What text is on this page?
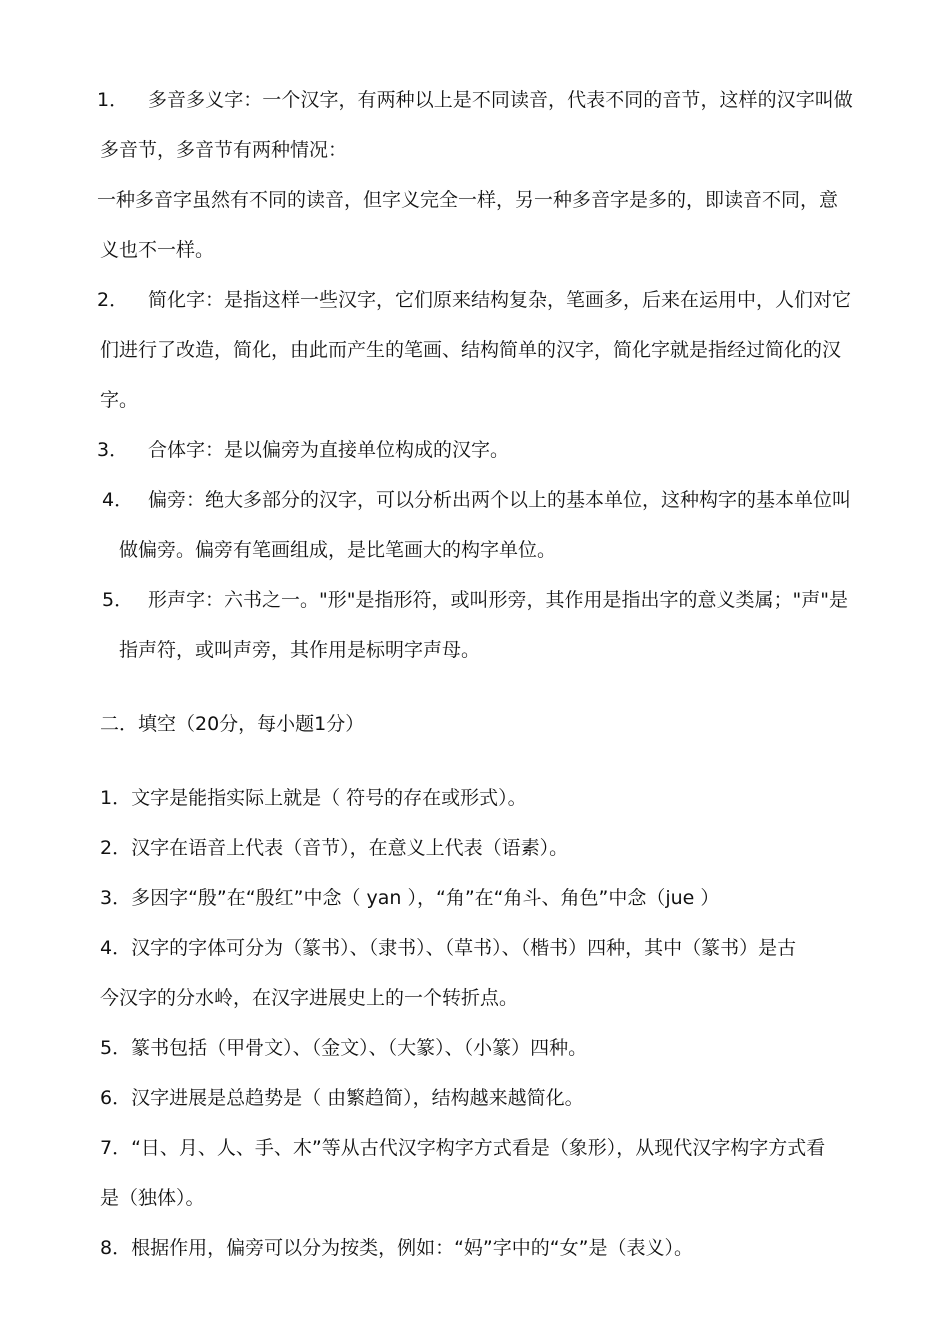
1． 多音多义字：一个汉字，有两种以上是不同读音，代表不同的音节，这样的汉字叫做
多音节，多音节有两种情况：
一种多音字虽然有不同的读音，但字义完全一样，另一种多音字是多的，即读音不同，意
义也不一样。
2． 简化字：是指这样一些汉字，它们原来结构复杂，笔画多，后来在运用中，人们对它
们进行了改造，简化，由此而产生的笔画、结构简单的汉字，简化字就是指经过简化的汉
字。
3． 合体字：是以偏旁为直接单位构成的汉字。
4． 偏旁：绝大多部分的汉字，可以分析出两个以上的基本单位，这种构字的基本单位叫
做偏旁。偏旁有笔画组成，是比笔画大的构字单位。
5． 形声字：六书之一。"形"是指形符，或叫形旁，其作用是指出字的意义类属；"声"是
指声符，或叫声旁，其作用是标明字声母。
二．填空（20分，每小题1分）
1．文字是能指实际上就是（ 符号的存在或形式）。
2．汉字在语音上代表（音节），在意义上代表（语素）。
3．多因字“殷”在“殷红”中念（ yan ），“角”在“角斗、角色”中念（jue ）
4．汉字的字体可分为（篆书）、（隶书）、（草书）、（楷书）四种，其中（篆书）是古
今汉字的分水岭，在汉字进展史上的一个转折点。
5．篆书包括（甲骨文）、（金文）、（大篆）、（小篆）四种。
6．汉字进展是总趋势是（ 由繁趋简），结构越来越简化。
7．“日、月、人、手、木”等从古代汉字构字方式看是（象形），从现代汉字构字方式看
是（独体）。
8．根据作用，偏旁可以分为按类，例如：“妈”字中的“女”是（表义）。
